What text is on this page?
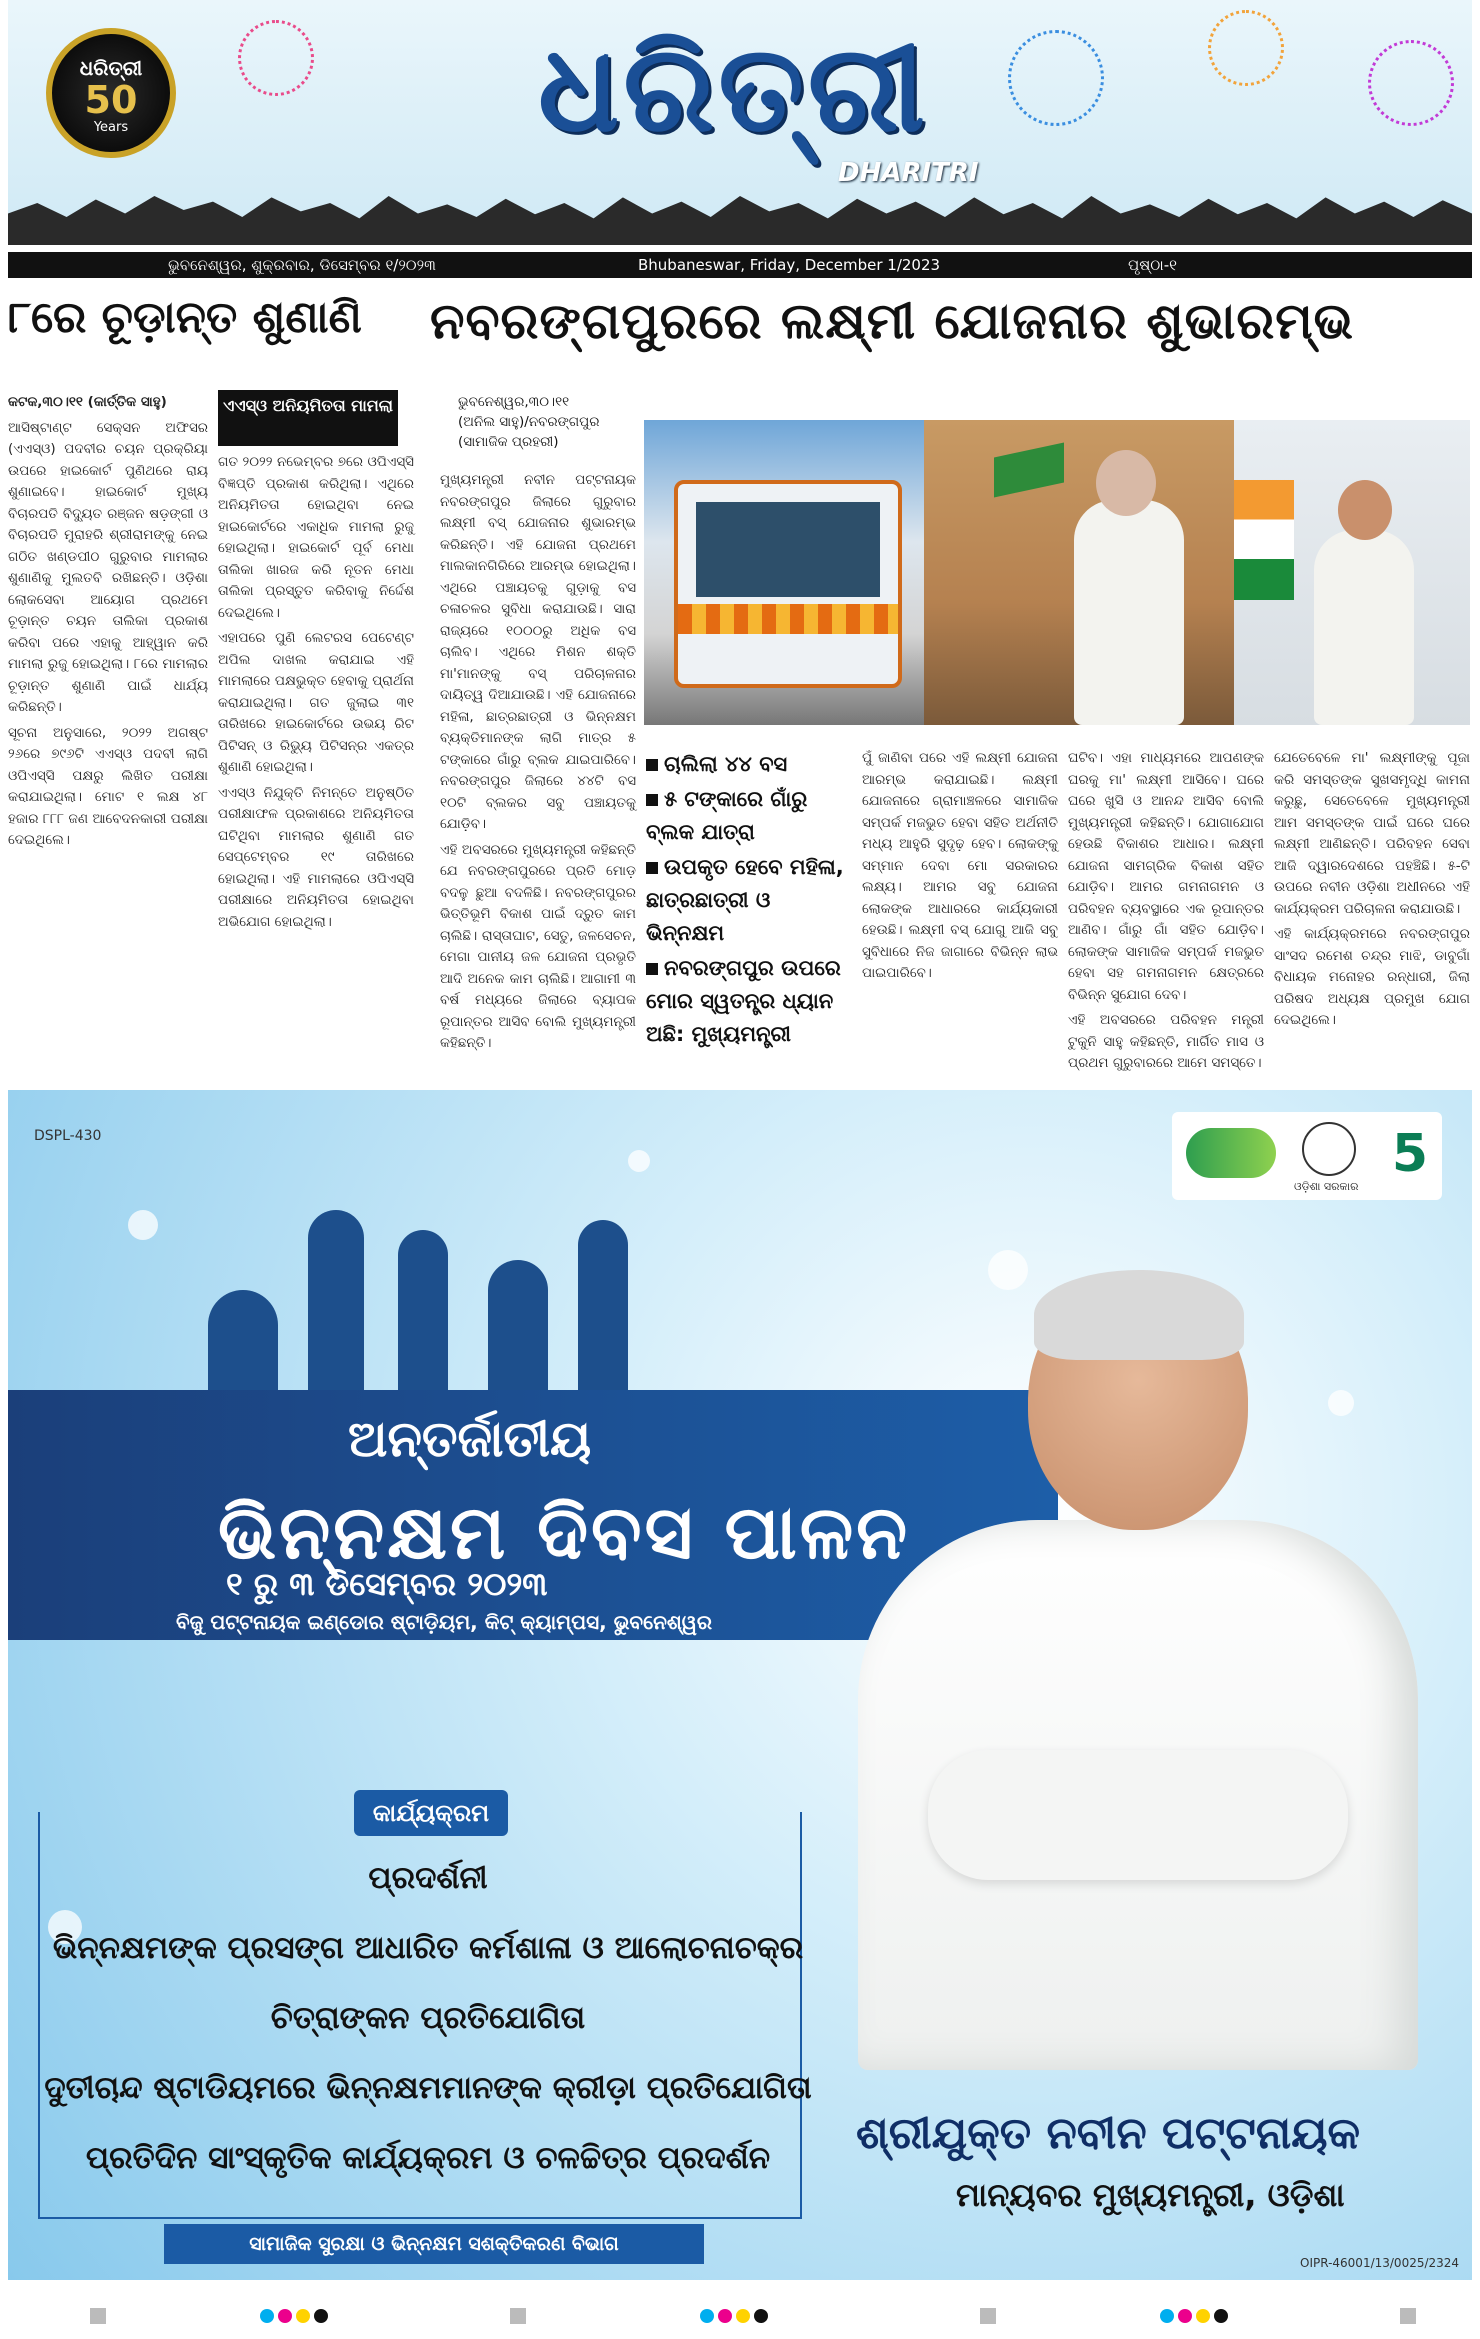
ଧରିତ୍ରୀ
50
Years	ଧରିତ୍ରୀ
DHARITRI
ଭୁବନେଶ୍ୱର, ଶୁକ୍ରବାର, ଡିସେମ୍ବର ୧/୨୦୨୩	Bhubaneswar, Friday, December 1/2023	ପୃଷ୍ଠା-୧
୮ରେ ଚୂଡ଼ାନ୍ତ ଶୁଣାଣି

କଟକ,୩୦।୧୧ (କାର୍ତ୍ତିକ ସାହୁ)

ଆସିଷ୍ଟାଣ୍ଟ ସେକ୍ସନ ଅଫିସର (ଏଏସ୍‌ଓ) ପଦବୀର ଚୟନ ପ୍ରକ୍ରିୟା ଉପରେ ହାଇକୋର୍ଟ ପୁଣିଥରେ ରାୟ ଶୁଣାଇବେ। ହାଇକୋର୍ଟ ମୁଖ୍ୟ ବିଚାରପତି ବିଦ୍ୟୁତ ରଞ୍ଜନ ଷଡ଼ଙ୍ଗୀ ଓ ବିଚାରପତି ମୁରାହରି ଶ୍ରୀରାମଙ୍କୁ ନେଇ ଗଠିତ ଖଣ୍ଡପୀଠ ଗୁରୁବାର ମାମଲାର ଶୁଣାଣିକୁ ମୁଲତବି ରଖିଛନ୍ତି। ଓଡ଼ିଶା ଲୋକସେବା ଆୟୋଗ ପ୍ରଥମେ ଚୂଡ଼ାନ୍ତ ଚୟନ ତାଲିକା ପ୍ରକାଶ କରିବା ପରେ ଏହାକୁ ଆହ୍ୱାନ କରି ମାମଲା ରୁଜୁ ହୋଇଥିଲା। ୮ରେ ମାମଲାର ଚୂଡ଼ାନ୍ତ ଶୁଣାଣି ପାଇଁ ଧାର୍ଯ୍ୟ କରିଛନ୍ତି।

ସୂଚନା ଅନୁସାରେ, ୨୦୨୨ ଅଗଷ୍ଟ ୨୬ରେ ୭୯୬ଟି ଏଏସ୍‌ଓ ପଦବୀ ଲାଗି ଓପିଏସ୍‌ସି ପକ୍ଷରୁ ଲିଖିତ ପରୀକ୍ଷା କରାଯାଇଥିଲା। ମୋଟ ୧ ଲକ୍ଷ ୪୮ ହଜାର ୮୮୮ ଜଣ ଆବେଦନକାରୀ ପରୀକ୍ଷା ଦେଇଥିଲେ।

ଏଏସ୍‌ଓ ଅନିୟମିତତା ମାମଲା

ଗତ ୨୦୨୨ ନଭେମ୍ବର ୭ରେ ଓପିଏସ୍‌ସି ବିଜ୍ଞପ୍ତି ପ୍ରକାଶ କରିଥିଲା। ଏଥିରେ ଅନିୟମିତତା ହୋଇଥିବା ନେଇ ହାଇକୋର୍ଟରେ ଏକାଧିକ ମାମଲା ରୁଜୁ ହୋଇଥିଲା। ହାଇକୋର୍ଟ ପୂର୍ବ ମେଧା ତାଲିକା ଖାରଜ କରି ନୂତନ ମେଧା ତାଲିକା ପ୍ରସ୍ତୁତ କରିବାକୁ ନିର୍ଦ୍ଦେଶ ଦେଇଥିଲେ।

ଏହାପରେ ପୁଣି ଲେଟରସ ପେଟେଣ୍ଟ ଅପିଲ ଦାଖଲ କରାଯାଇ ଏହି ମାମଲାରେ ପକ୍ଷଭୁକ୍ତ ହେବାକୁ ପ୍ରାର୍ଥନା କରାଯାଇଥିଲା। ଗତ ଜୁଲାଇ ୩୧ ତାରିଖରେ ହାଇକୋର୍ଟରେ ଉଭୟ ରିଟ ପିଟିସନ୍ ଓ ରିଭ୍ୟୁ ପିଟିସନ୍‌ର ଏକତ୍ର ଶୁଣାଣି ହୋଇଥିଲା।

ଏଏସ୍‌ଓ ନିଯୁକ୍ତି ନିମନ୍ତେ ଅନୁଷ୍ଠିତ ପରୀକ୍ଷାଫଳ ପ୍ରକାଶରେ ଅନିୟମିତତା ଘଟିଥିବା ମାମଲାର ଶୁଣାଣି ଗତ ସେପ୍ଟେମ୍ବର ୧୯ ତାରିଖରେ ହୋଇଥିଲା। ଏହି ମାମଲାରେ ଓପିଏସ୍‌ସି ପରୀକ୍ଷାରେ ଅନିୟମିତତା ହୋଇଥିବା ଅଭିଯୋଗ ହୋଇଥିଲା।

ନବରଙ୍ଗପୁରରେ ଲକ୍ଷ୍ମୀ ଯୋଜନାର ଶୁଭାରମ୍ଭ
ଭୁବନେଶ୍ୱର,୩୦।୧୧
(ଅନିଲ ସାହୁ)/ନବରଙ୍ଗପୁର
(ସାମାଜିକ ପ୍ରହରୀ)

ମୁଖ୍ୟମନ୍ତ୍ରୀ ନବୀନ ପଟ୍ଟନାୟକ ନବରଙ୍ଗପୁର ଜିଲାରେ ଗୁରୁବାର ଲକ୍ଷ୍ମୀ ବସ୍ ଯୋଜନାର ଶୁଭାରମ୍ଭ କରିଛନ୍ତି। ଏହି ଯୋଜନା ପ୍ରଥମେ ମାଲକାନଗିରିରେ ଆରମ୍ଭ ହୋଇଥିଲା। ଏଥିରେ ପଞ୍ଚାୟତକୁ ଗୁଡ଼ାକୁ ବସ ଚଳାଚଳର ସୁବିଧା କରାଯାଉଛି। ସାରା ରାଜ୍ୟରେ ୧୦୦୦ରୁ ଅଧିକ ବସ ଚାଲିବ। ଏଥିରେ ମିଶନ ଶକ୍ତି ମା'ମାନଙ୍କୁ ବସ୍ ପରିଚାଳନାର ଦାୟିତ୍ୱ ଦିଆଯାଉଛି। ଏହି ଯୋଜନାରେ ମହିଳା, ଛାତ୍ରଛାତ୍ରୀ ଓ ଭିନ୍ନକ୍ଷମ ବ୍ୟକ୍ତିମାନଙ୍କ ଲାଗି ମାତ୍ର ୫ ଟଙ୍କାରେ ଗାଁରୁ ବ୍ଲକ ଯାଇପାରିବେ। ନବରଙ୍ଗପୁର ଜିଲାରେ ୪୪ଟି ବସ ୧୦ଟି ବ୍ଲକର ସବୁ ପଞ୍ଚାୟତକୁ ଯୋଡ଼ିବ।

ଏହି ଅବସରରେ ମୁଖ୍ୟମନ୍ତ୍ରୀ କହିଛନ୍ତି ଯେ ନବରଙ୍ଗପୁରରେ ପ୍ରତି ମୋଡ଼ ବଦଳୁ ଛୁଆ ବଦଳିଛି। ନବରଙ୍ଗପୁରର ଭିତ୍ତିଭୂମି ବିକାଶ ପାଇଁ ଦ୍ରୁତ କାମ ଚାଲିଛି। ରାସ୍ତାଘାଟ, ସେତୁ, ଜଳସେଚନ, ମେଗା ପାନୀୟ ଜଳ ଯୋଜନା ପ୍ରଭୃତି ଆଦି ଅନେକ କାମ ଚାଲିଛି। ଆଗାମୀ ୩ ବର୍ଷ ମଧ୍ୟରେ ଜିଲାରେ ବ୍ୟାପକ ରୂପାନ୍ତର ଆସିବ ବୋଲି ମୁଖ୍ୟମନ୍ତ୍ରୀ କହିଛନ୍ତି।

ଚାଲିଲା ୪୪ ବସ
୫ ଟଙ୍କାରେ ଗାଁରୁ ବ୍ଲକ ଯାତ୍ରା
ଉପକୃତ ହେବେ ମହିଳା, ଛାତ୍ରଛାତ୍ରୀ ଓ ଭିନ୍ନକ୍ଷମ
ନବରଙ୍ଗପୁର ଉପରେ ମୋର ସ୍ୱତନ୍ତ୍ର ଧ୍ୟାନ ଅଛି: ମୁଖ୍ୟମନ୍ତ୍ରୀ

ପୁଁ ଜାଣିବା ପରେ ଏହି ଲକ୍ଷ୍ମୀ ଯୋଜନା ଆରମ୍ଭ କରାଯାଇଛି। ଲକ୍ଷ୍ମୀ ଯୋଜନାରେ ଗ୍ରାମାଞ୍ଚଳରେ ସାମାଜିକ ସମ୍ପର୍କ ମଜଭୁତ ହେବା ସହିତ ଅର୍ଥନୀତି ମଧ୍ୟ ଆହୁରି ସୁଦୃଢ଼ ହେବ। ଲୋକଙ୍କୁ ସମ୍ମାନ ଦେବା ମୋ ସରକାରର ଲକ୍ଷ୍ୟ। ଆମର ସବୁ ଯୋଜନା ଲୋକଙ୍କ ଆଧାରରେ କାର୍ଯ୍ୟକାରୀ ହେଉଛି। ଲକ୍ଷ୍ମୀ ବସ୍ ଯୋଗୁ ଆଜି ସବୁ ସୁବିଧାରେ ନିଜ ଜାଗାରେ ବିଭିନ୍ନ ଲାଭ ପାଇପାରିବେ।

ଘଟିବ। ଏହା ମାଧ୍ୟମରେ ଆପଣଙ୍କ ଘରକୁ ମା' ଲକ୍ଷ୍ମୀ ଆସିବେ। ଘରେ ଘରେ ଖୁସି ଓ ଆନନ୍ଦ ଆସିବ ବୋଲି ମୁଖ୍ୟମନ୍ତ୍ରୀ କହିଛନ୍ତି। ଯୋଗାଯୋଗ ହେଉଛି ବିକାଶର ଆଧାର। ଲକ୍ଷ୍ମୀ ଯୋଜନା ସାମଗ୍ରିକ ବିକାଶ ସହିତ ଯୋଡ଼ିବ। ଆମର ଗମନାଗମନ ଓ ପରିବହନ ବ୍ୟବସ୍ଥାରେ ଏକ ରୂପାନ୍ତର ଆଣିବ। ଗାଁରୁ ଗାଁ ସହିତ ଯୋଡ଼ିବ। ଲୋକଙ୍କ ସାମାଜିକ ସମ୍ପର୍କ ମଜଭୁତ ହେବା ସହ ଗମନାଗମନ କ୍ଷେତ୍ରରେ ବିଭିନ୍ନ ସୁଯୋଗ ଦେବ।

ଏହି ଅବସରରେ ପରିବହନ ମନ୍ତ୍ରୀ ଟୁକୁନି ସାହୁ କହିଛନ୍ତି, ମାର୍ଗିତ ମାସ ଓ ପ୍ରଥମ ଗୁରୁବାରରେ ଆମେ ସମସ୍ତେ।

ଯେତେବେଳେ ମା' ଲକ୍ଷ୍ମୀଙ୍କୁ ପୂଜା କରି ସମସ୍ତଙ୍କ ସୁଖସମୃଦ୍ଧି କାମନା କରୁଛୁ, ସେତେବେଳେ ମୁଖ୍ୟମନ୍ତ୍ରୀ ଆମ ସମସ୍ତଙ୍କ ପାଇଁ ଘରେ ଘରେ ଲକ୍ଷ୍ମୀ ଆଣିଛନ୍ତି। ପରିବହନ ସେବା ଆଜି ଦ୍ୱାରଦେଶରେ ପହଞ୍ଚିଛି। ୫-ଟି ଉପରେ ନବୀନ ଓଡ଼ିଶା ଅଧୀନରେ ଏହି କାର୍ଯ୍ୟକ୍ରମ ପରିଚାଳନା କରାଯାଉଛି।

ଏହି କାର୍ଯ୍ୟକ୍ରମରେ ନବରଙ୍ଗପୁର ସାଂସଦ ରମେଶ ଚନ୍ଦ୍ର ମାଝି, ଡାବୁଗାଁ ବିଧାୟକ ମନୋହର ରନ୍ଧାରୀ, ଜିଲା ପରିଷଦ ଅଧ୍ୟକ୍ଷ ପ୍ରମୁଖ ଯୋଗ ଦେଇଥିଲେ।

DSPL-430	5
ଓଡ଼ିଶା ସରକାର
ଅନ୍ତର୍ଜାତୀୟ
ଭିନ୍ନକ୍ଷମ ଦିବସ ପାଳନ
୧ ରୁ ୩ ଡିସେମ୍ବର ୨୦୨୩
ବିଜୁ ପଟ୍ଟନାୟକ ଇଣ୍ଡୋର ଷ୍ଟାଡ଼ିୟମ, କିଟ୍ କ୍ୟାମ୍ପସ, ଭୁବନେଶ୍ୱର
କାର୍ଯ୍ୟକ୍ରମ
ପ୍ରଦର୍ଶନୀ
ଭିନ୍ନକ୍ଷମଙ୍କ ପ୍ରସଙ୍ଗ ଆଧାରିତ କର୍ମଶାଳା ଓ ଆଲୋଚନାଚକ୍ର
ଚିତ୍ରାଙ୍କନ ପ୍ରତିଯୋଗିତା
ଦୁତୀଚାନ୍ଦ ଷ୍ଟାଡିୟମରେ ଭିନ୍ନକ୍ଷମମାନଙ୍କ କ୍ରୀଡ଼ା ପ୍ରତିଯୋଗିତା
ପ୍ରତିଦିନ ସାଂସ୍କୃତିକ କାର୍ଯ୍ୟକ୍ରମ ଓ ଚଳଚ୍ଚିତ୍ର ପ୍ରଦର୍ଶନ
ସାମାଜିକ ସୁରକ୍ଷା ଓ ଭିନ୍ନକ୍ଷମ ସଶକ୍ତିକରଣ ବିଭାଗ
ଶ୍ରୀଯୁକ୍ତ ନବୀନ ପଟ୍ଟନାୟକ
ମାନ୍ୟବର ମୁଖ୍ୟମନ୍ତ୍ରୀ, ଓଡ଼ିଶା
OIPR-46001/13/0025/2324
